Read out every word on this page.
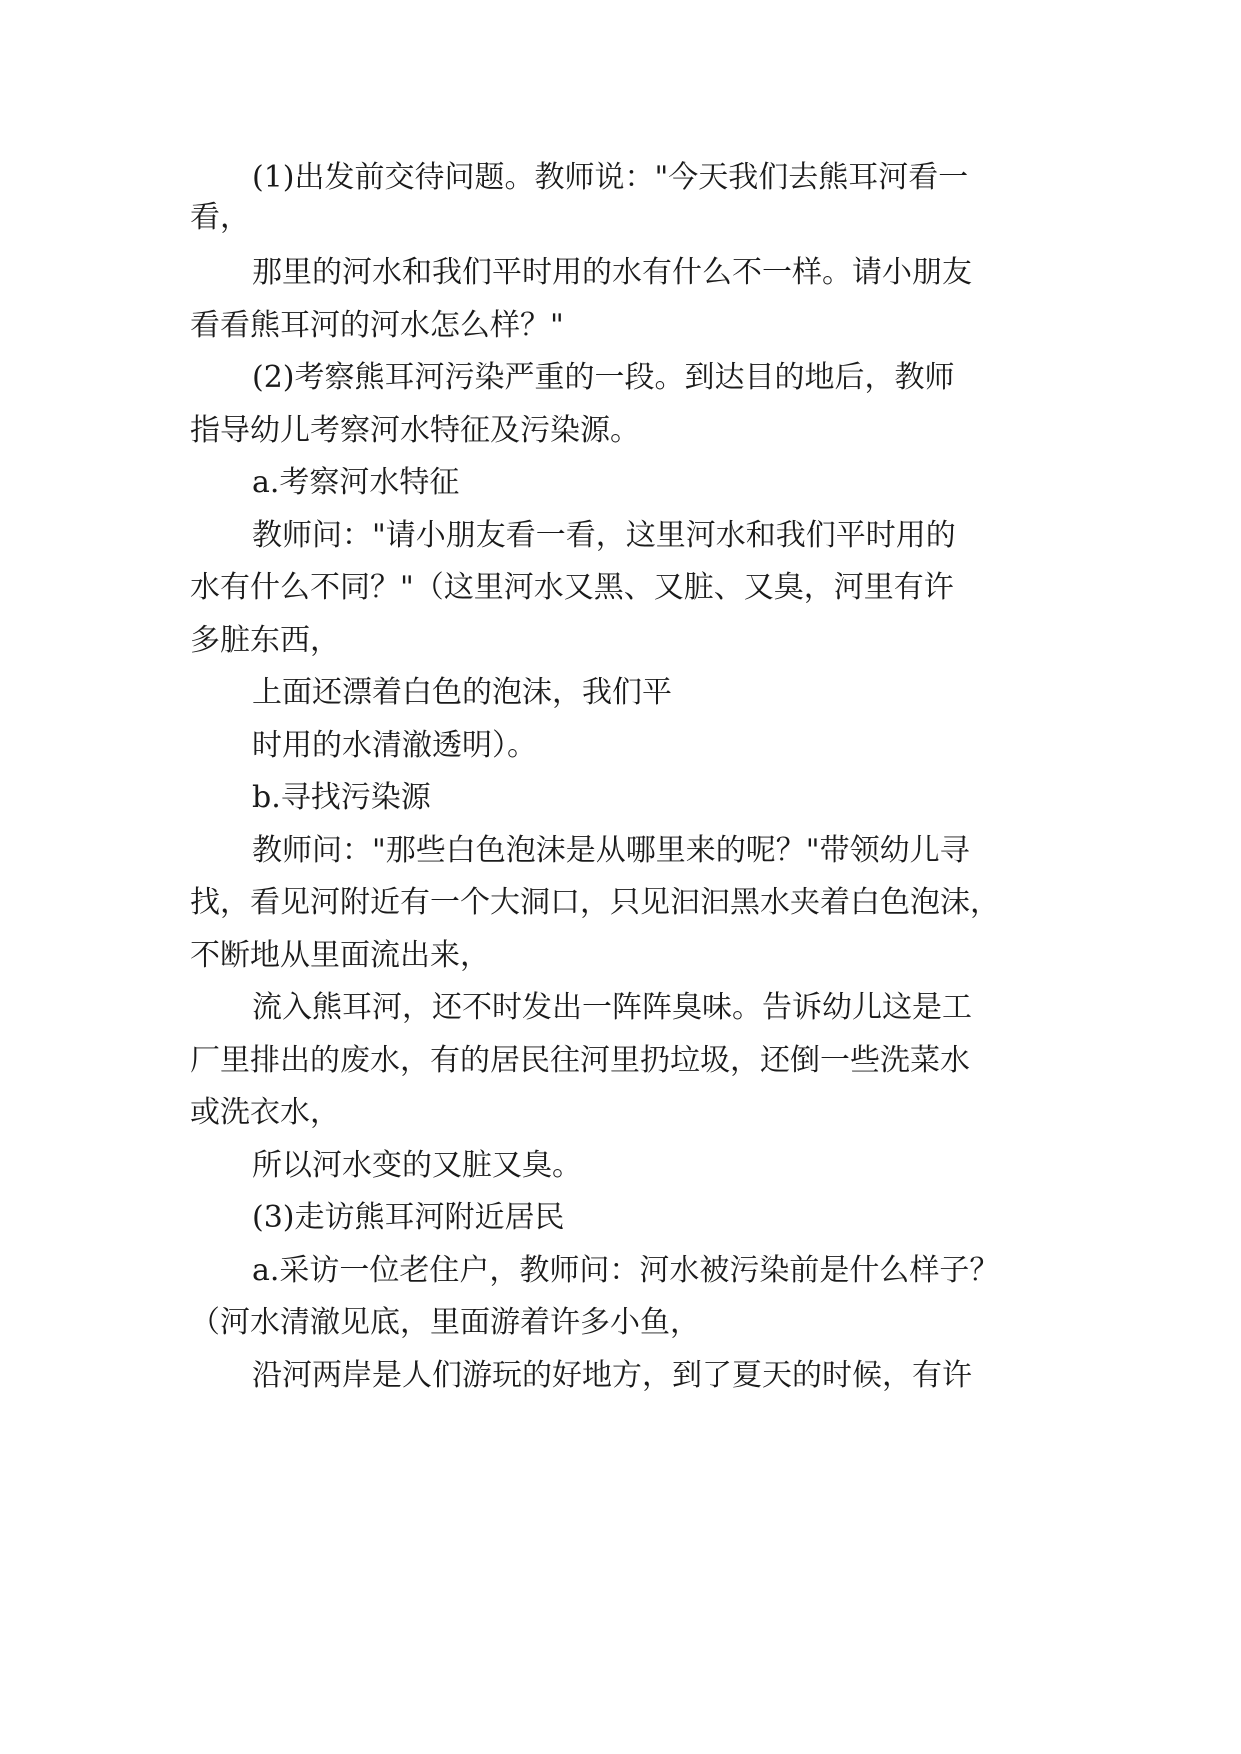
(1)出发前交待问题。教师说："今天我们去熊耳河看一

看，

那里的河水和我们平时用的水有什么不一样。请小朋友

看看熊耳河的河水怎么样？"

(2)考察熊耳河污染严重的一段。到达目的地后，教师

指导幼儿考察河水特征及污染源。

a.考察河水特征

教师问："请小朋友看一看，这里河水和我们平时用的

水有什么不同？"（这里河水又黑、又脏、又臭，河里有许

多脏东西，

上面还漂着白色的泡沫，我们平

时用的水清澈透明）。

b.寻找污染源

教师问："那些白色泡沫是从哪里来的呢？"带领幼儿寻

找，看见河附近有一个大洞口，只见汩汩黑水夹着白色泡沫，

不断地从里面流出来，

流入熊耳河，还不时发出一阵阵臭味。告诉幼儿这是工

厂里排出的废水，有的居民往河里扔垃圾，还倒一些洗菜水

或洗衣水，

所以河水变的又脏又臭。

(3)走访熊耳河附近居民

a.采访一位老住户，教师问：河水被污染前是什么样子？

（河水清澈见底，里面游着许多小鱼，

沿河两岸是人们游玩的好地方，到了夏天的时候，有许
